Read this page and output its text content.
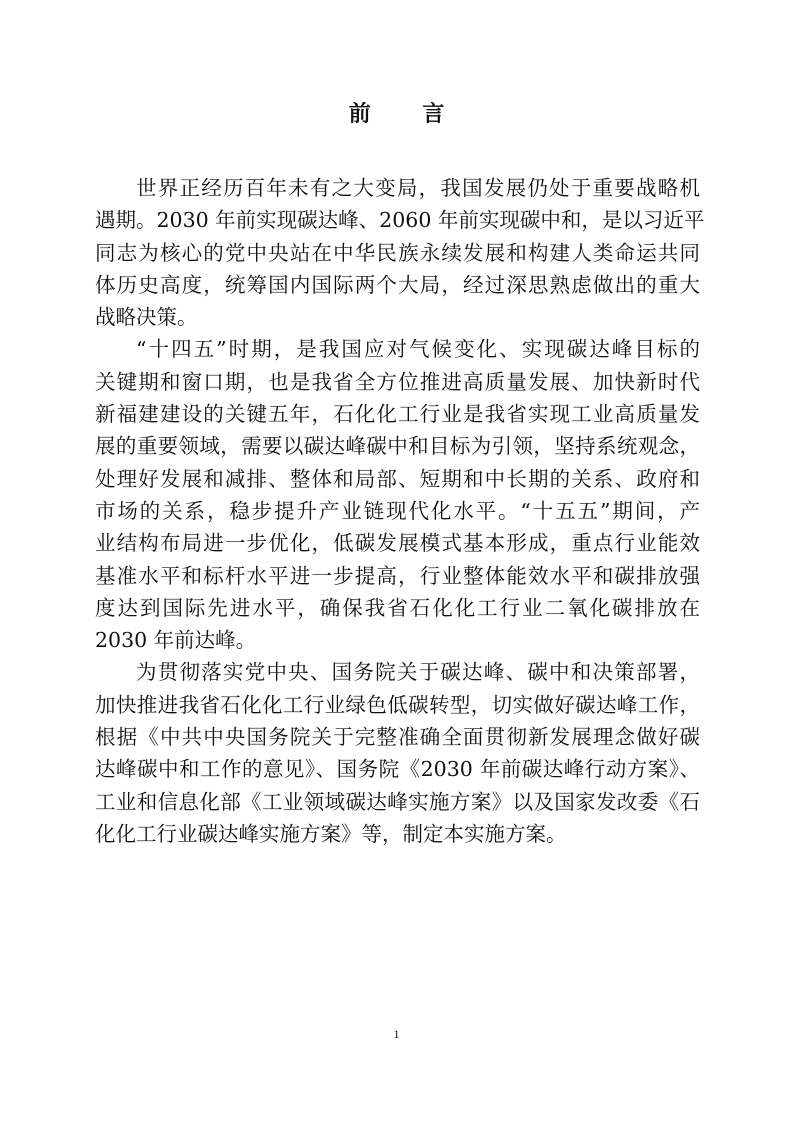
前 言

世界正经历百年未有之大变局，我国发展仍处于重要战略机
遇期。2030 年前实现碳达峰、2060 年前实现碳中和，是以习近平
同志为核心的党中央站在中华民族永续发展和构建人类命运共同
体历史高度，统筹国内国际两个大局，经过深思熟虑做出的重大
战略决策。

“十四五”时期，是我国应对气候变化、实现碳达峰目标的
关键期和窗口期，也是我省全方位推进高质量发展、加快新时代
新福建建设的关键五年，石化化工行业是我省实现工业高质量发
展的重要领域，需要以碳达峰碳中和目标为引领，坚持系统观念，
处理好发展和减排、整体和局部、短期和中长期的关系、政府和
市场的关系，稳步提升产业链现代化水平。“十五五”期间，产
业结构布局进一步优化，低碳发展模式基本形成，重点行业能效
基准水平和标杆水平进一步提高，行业整体能效水平和碳排放强
度达到国际先进水平，确保我省石化化工行业二氧化碳排放在
2030 年前达峰。

为贯彻落实党中央、国务院关于碳达峰、碳中和决策部署，
加快推进我省石化化工行业绿色低碳转型，切实做好碳达峰工作，
根据《中共中央国务院关于完整准确全面贯彻新发展理念做好碳
达峰碳中和工作的意见》、国务院《2030 年前碳达峰行动方案》、
工业和信息化部《工业领域碳达峰实施方案》以及国家发改委《石
化化工行业碳达峰实施方案》等，制定本实施方案。

1
